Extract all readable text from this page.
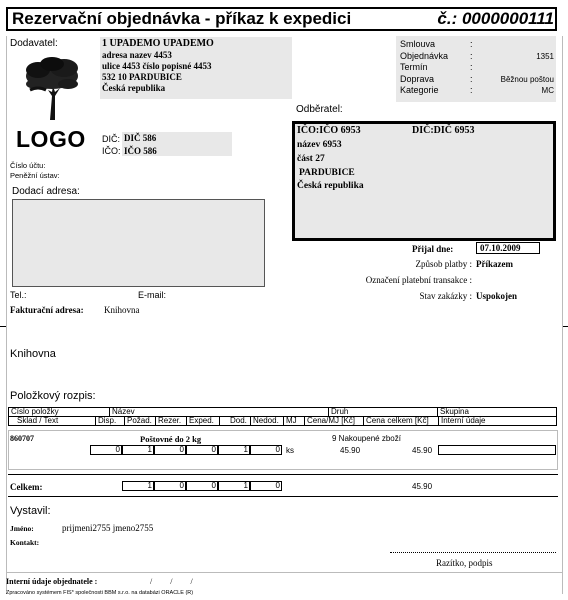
Rezervační objednávka - příkaz k expedici	č.: 0000000111
Dodavatel:	1 UPADEMO UPADEMO
adresa nazev 4453
ulice 4453 číslo popisné 4453
532 10 PARDUBICE
Česká republika
LOGO DIČ: DIČ 586
IČO: IČO 586
Číslo účtu:
Peněžní ústav:
Smlouva	:
Objednávka :	1351
Termín	:
Doprava	:	Běžnou poštou
Kategorie	:	MC
Odběratel:
IČO:IČO 6953	DIČ:DIČ 6953
název 6953
část 27
PARDUBICE
Česká republika
Dodací adresa:
Přijal dne:	07.10.2009
Způsob platby : Příkazem
Označení platební transakce :
Stav zakázky : Uspokojen
Tel.:	E-mail:
Fakturační adresa: Knihovna
Knihovna
Položkový rozpis:
Číslo položky	Název	Druh	Skupina
Sklad / Text	Disp.	Požad. Rezer. Exped.	Dod. Nedod. MJ	Cena/MJ [Kč]	Cena celkem [Kč]	Interní údaje
860707	Poštovné do 2 kg	9 Nakoupené zboží
0	1	0	0	1	0 ks	45.90	45.90
Celkem:	1	0	0	1	0	45.90
Vystavil:
Jméno:	prijmeni2755 jmeno2755
Kontakt:
Razítko, podpis
Interní údaje objednatele :	/ / /
Zpracováno systémem FIS* společnosti BBM s.r.o. na databázi ORACLE (R)
